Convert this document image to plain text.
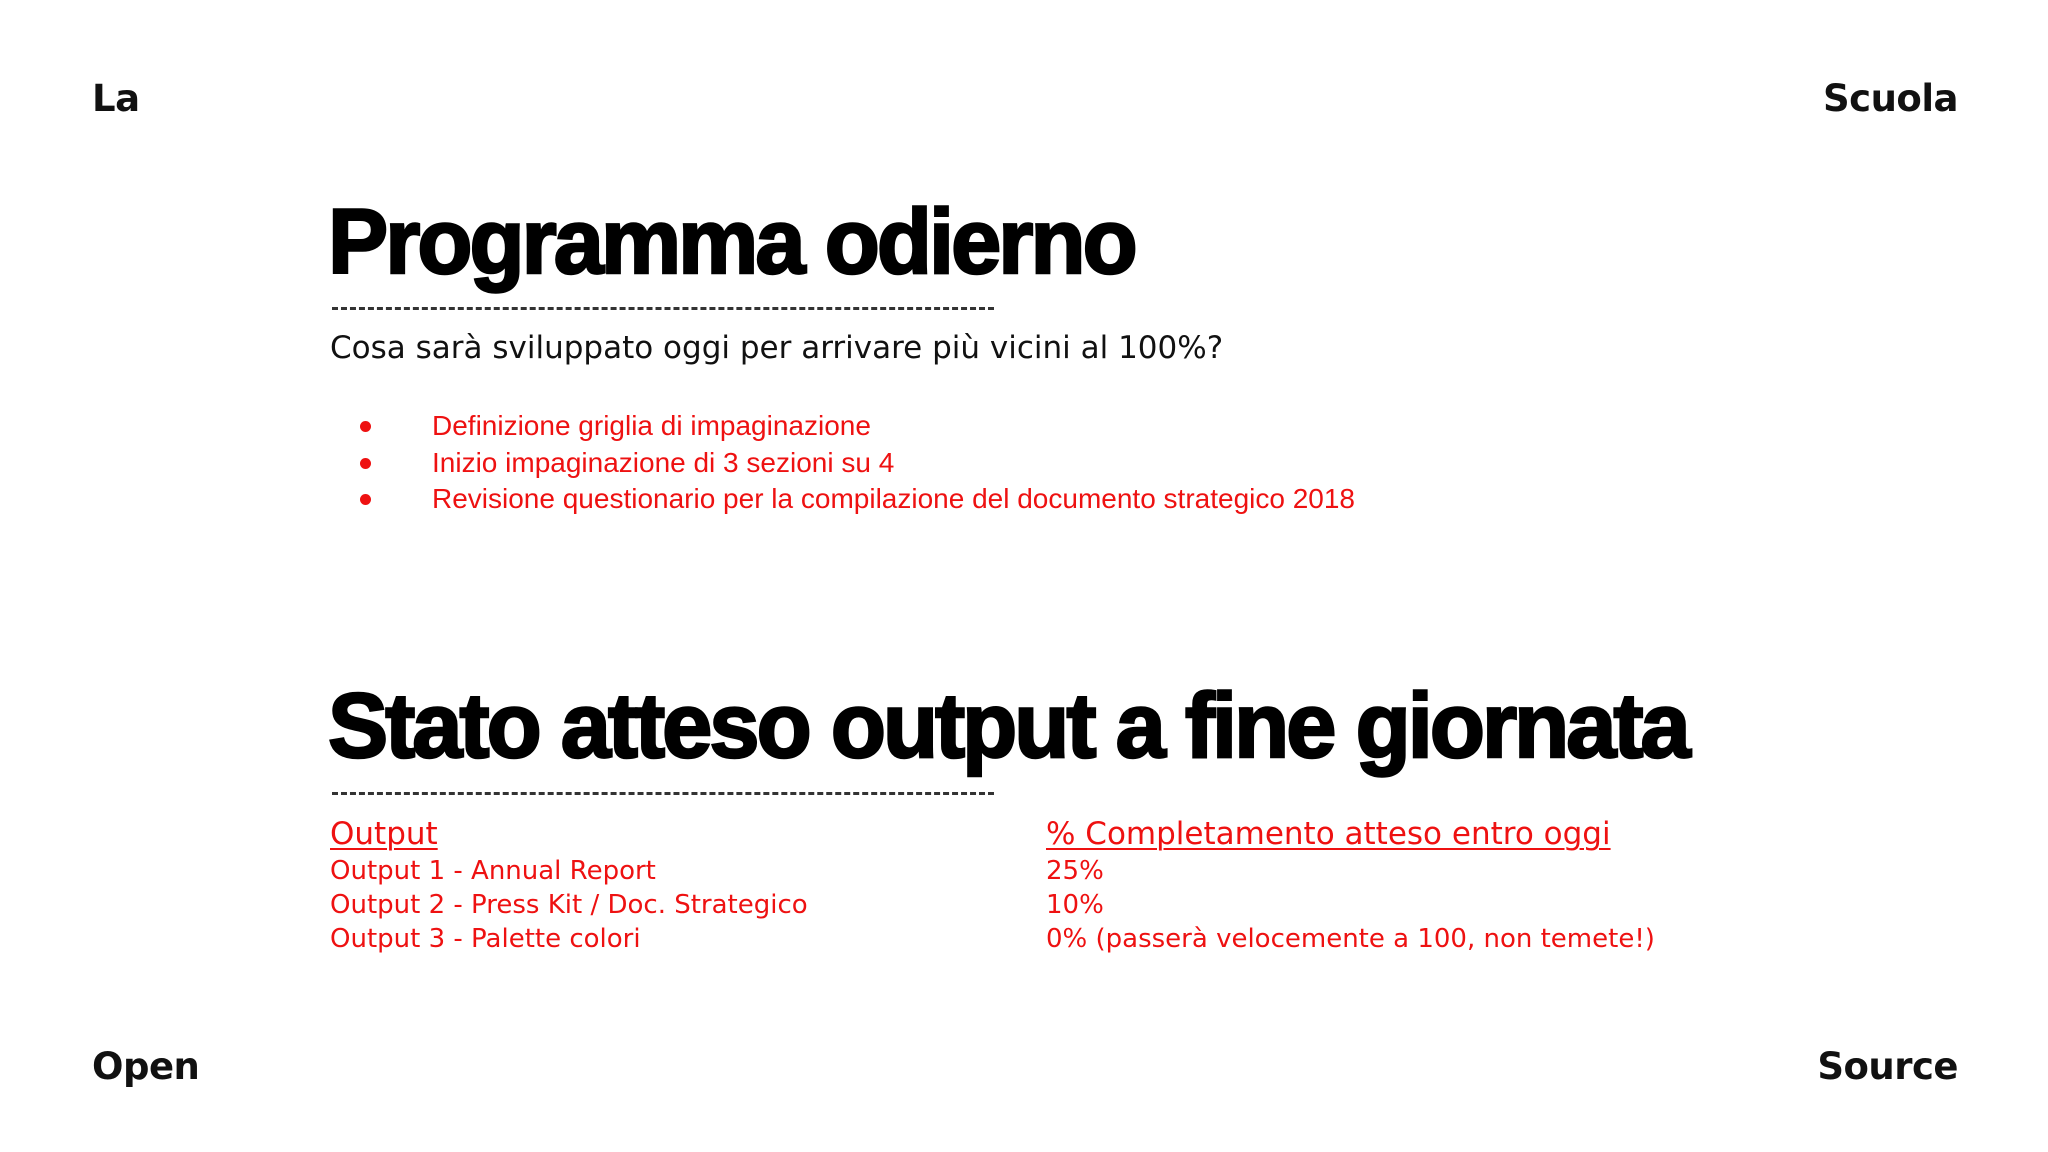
La	Scuola
Open	Source
Programma odierno
Cosa sarà sviluppato oggi per arrivare più vicini al 100%?
Definizione griglia di impaginazione
Inizio impaginazione di 3 sezioni su 4
Revisione questionario per la compilazione del documento strategico 2018
Stato atteso output a fine giornata
Output	% Completamento atteso entro oggi
Output 1 - Annual Report	25%
Output 2 - Press Kit / Doc. Strategico	10%
Output 3 - Palette colori	0% (passerà velocemente a 100, non temete!)
